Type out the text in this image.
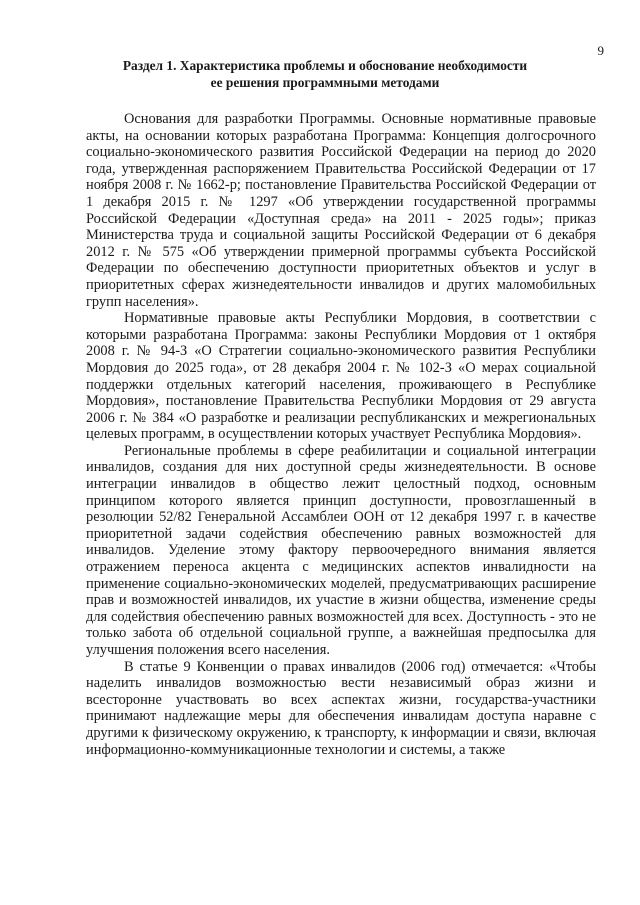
9
Раздел 1. Характеристика проблемы и обоснование необходимости ее решения программными методами

Основания для разработки Программы. Основные нормативные правовые акты, на основании которых разработана Программа: Концепция долгосрочного социально-экономического развития Российской Федерации на период до 2020 года, утвержденная распоряжением Правительства Российской Федерации от 17 ноября 2008 г. № 1662-р; постановление Правительства Российской Федерации от 1 декабря 2015 г. № 1297 «Об утверждении государственной программы Российской Федерации «Доступная среда» на 2011 - 2025 годы»; приказ Министерства труда и социальной защиты Российской Федерации от 6 декабря 2012 г. № 575 «Об утверждении примерной программы субъекта Российской Федерации по обеспечению доступности приоритетных объектов и услуг в приоритетных сферах жизнедеятельности инвалидов и других маломобильных групп населения».

Нормативные правовые акты Республики Мордовия, в соответствии с которыми разработана Программа: законы Республики Мордовия от 1 октября 2008 г. № 94-З «О Стратегии социально-экономического развития Республики Мордовия до 2025 года», от 28 декабря 2004 г. № 102-З «О мерах социальной поддержки отдельных категорий населения, проживающего в Республике Мордовия», постановление Правительства Республики Мордовия от 29 августа 2006 г. № 384 «О разработке и реализации республиканских и межрегиональных целевых программ, в осуществлении которых участвует Республика Мордовия».

Региональные проблемы в сфере реабилитации и социальной интеграции инвалидов, создания для них доступной среды жизнедеятельности. В основе интеграции инвалидов в общество лежит целостный подход, основным принципом которого является принцип доступности, провозглашенный в резолюции 52/82 Генеральной Ассамблеи ООН от 12 декабря 1997 г. в качестве приоритетной задачи содействия обеспечению равных возможностей для инвалидов. Уделение этому фактору первоочередного внимания является отражением переноса акцента с медицинских аспектов инвалидности на применение социально-экономических моделей, предусматривающих расширение прав и возможностей инвалидов, их участие в жизни общества, изменение среды для содействия обеспечению равных возможностей для всех. Доступность - это не только забота об отдельной социальной группе, а важнейшая предпосылка для улучшения положения всего населения.

В статье 9 Конвенции о правах инвалидов (2006 год) отмечается: «Чтобы наделить инвалидов возможностью вести независимый образ жизни и всесторонне участвовать во всех аспектах жизни, государства-участники принимают надлежащие меры для обеспечения инвалидам доступа наравне с другими к физическому окружению, к транспорту, к информации и связи, включая информационно-коммуникационные технологии и системы, а также
